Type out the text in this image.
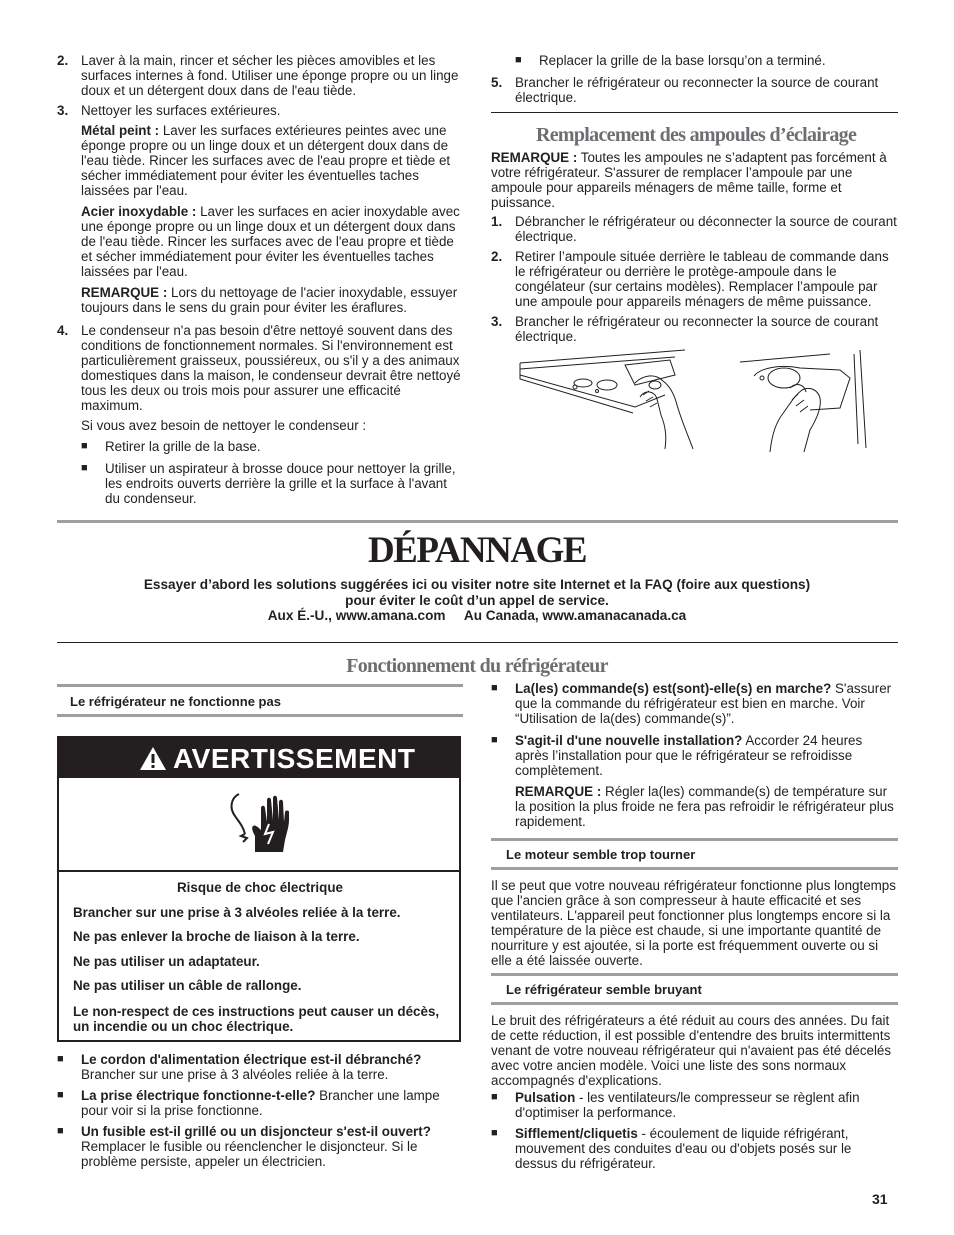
2. Laver à la main, rincer et sécher les pièces amovibles et les surfaces internes à fond. Utiliser une éponge propre ou un linge doux et un détergent doux dans de l'eau tiède.
3. Nettoyer les surfaces extérieures.

Métal peint : Laver les surfaces extérieures peintes avec une éponge propre ou un linge doux et un détergent doux dans de l'eau tiède. Rincer les surfaces avec de l'eau propre et tiède et sécher immédiatement pour éviter les éventuelles taches laissées par l'eau.

Acier inoxydable : Laver les surfaces en acier inoxydable avec une éponge propre ou un linge doux et un détergent doux dans de l'eau tiède. Rincer les surfaces avec de l'eau propre et tiède et sécher immédiatement pour éviter les éventuelles taches laissées par l'eau.

REMARQUE : Lors du nettoyage de l'acier inoxydable, essuyer toujours dans le sens du grain pour éviter les éraflures.

4. Le condenseur n'a pas besoin d'être nettoyé souvent dans des conditions de fonctionnement normales. Si l'environnement est particulièrement graisseux, poussiéreux, ou s'il y a des animaux domestiques dans la maison, le condenseur devrait être nettoyé tous les deux ou trois mois pour assurer une efficacité maximum.

Si vous avez besoin de nettoyer le condenseur :

■ Retirer la grille de la base.
■ Utiliser un aspirateur à brosse douce pour nettoyer la grille, les endroits ouverts derrière la grille et la surface à l'avant du condenseur.
■ Replacer la grille de la base lorsqu’on a terminé.
5. Brancher le réfrigérateur ou reconnecter la source de courant électrique.
Remplacement des ampoules d’éclairage

REMARQUE : Toutes les ampoules ne s’adaptent pas forcément à votre réfrigérateur. S'assurer de remplacer l’ampoule par une ampoule pour appareils ménagers de même taille, forme et puissance.

1. Débrancher le réfrigérateur ou déconnecter la source de courant électrique.
2. Retirer l’ampoule située derrière le tableau de commande dans le réfrigérateur ou derrière le protège-ampoule dans le congélateur (sur certains modèles). Remplacer l’ampoule par une ampoule pour appareils ménagers de même puissance.
3. Brancher le réfrigérateur ou reconnecter la source de courant électrique.
DÉPANNAGE
Essayer d’abord les solutions suggérées ici ou visiter notre site Internet et la FAQ (foire aux questions)
pour éviter le coût d’un appel de service.
Aux É.-U., www.amana.com     Au Canada, www.amanacanada.ca
Fonctionnement du réfrigérateur
Le réfrigérateur ne fonctionne pas
AVERTISSEMENT
Risque de choc électrique
Brancher sur une prise à 3 alvéoles reliée à la terre.
Ne pas enlever la broche de liaison à la terre.
Ne pas utiliser un adaptateur.
Ne pas utiliser un câble de rallonge.
Le non-respect de ces instructions peut causer un décès, un incendie ou un choc électrique.
■ Le cordon d'alimentation électrique est-il débranché? Brancher sur une prise à 3 alvéoles reliée à la terre.
■ La prise électrique fonctionne-t-elle? Brancher une lampe pour voir si la prise fonctionne.
■ Un fusible est-il grillé ou un disjoncteur s'est-il ouvert? Remplacer le fusible ou réenclencher le disjoncteur. Si le problème persiste, appeler un électricien.
■ La(les) commande(s) est(sont)-elle(s) en marche? S'assurer que la commande du réfrigérateur est bien en marche. Voir “Utilisation de la(des) commande(s)”.
■ S'agit-il d'une nouvelle installation? Accorder 24 heures après l’installation pour que le réfrigérateur se refroidisse complètement.

REMARQUE : Régler la(les) commande(s) de température sur la position la plus froide ne fera pas refroidir le réfrigérateur plus rapidement.

Le moteur semble trop tourner

Il se peut que votre nouveau réfrigérateur fonctionne plus longtemps que l'ancien grâce à son compresseur à haute efficacité et ses ventilateurs. L'appareil peut fonctionner plus longtemps encore si la température de la pièce est chaude, si une importante quantité de nourriture y est ajoutée, si la porte est fréquemment ouverte ou si elle a été laissée ouverte.

Le réfrigérateur semble bruyant

Le bruit des réfrigérateurs a été réduit au cours des années. Du fait de cette réduction, il est possible d'entendre des bruits intermittents venant de votre nouveau réfrigérateur qui n'avaient pas été décelés avec votre ancien modèle. Voici une liste des sons normaux accompagnés d'explications.

■ Pulsation - les ventilateurs/le compresseur se règlent afin d'optimiser la performance.
■ Sifflement/cliquetis - écoulement de liquide réfrigérant, mouvement des conduites d'eau ou d'objets posés sur le dessus du réfrigérateur.
31
